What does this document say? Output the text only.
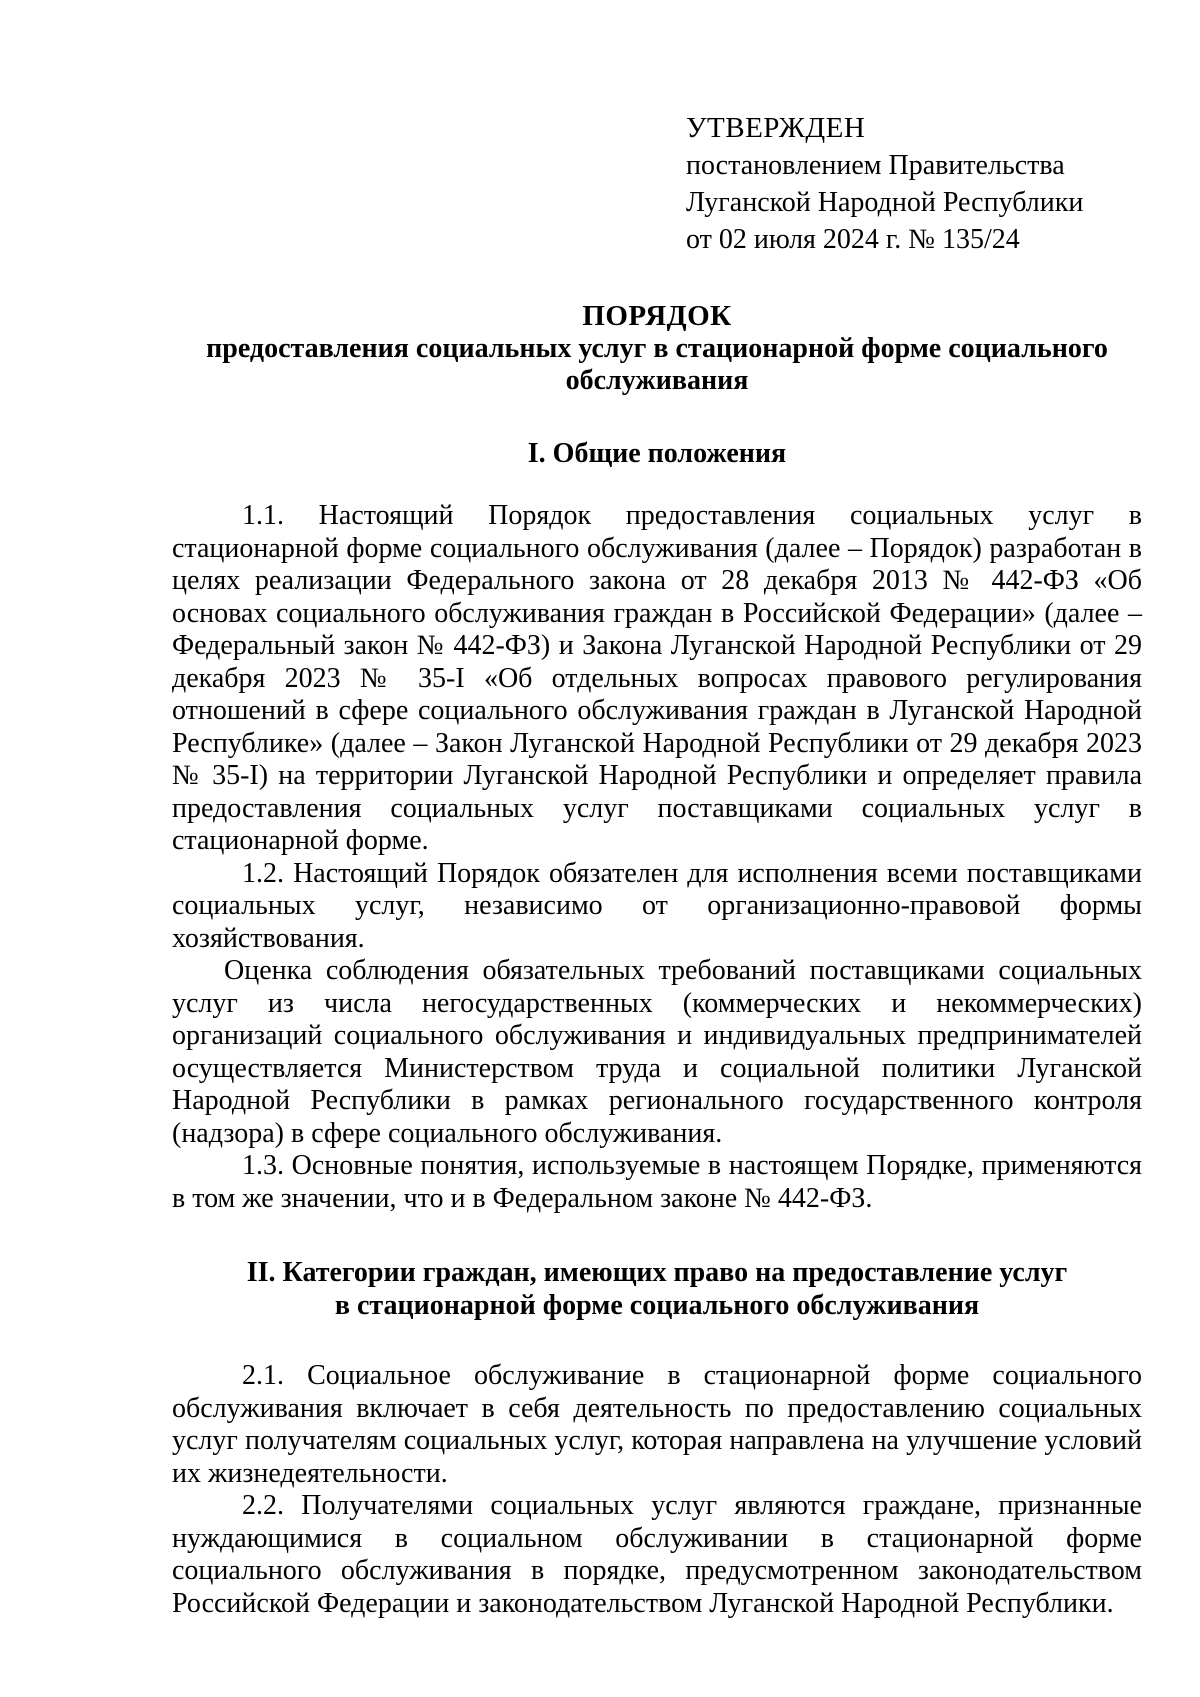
УТВЕРЖДЕН
постановлением Правительства
Луганской Народной Республики
от 02 июля 2024 г. № 135/24
ПОРЯДОК
предоставления социальных услуг в стационарной форме социального обслуживания
I. Общие положения

1.1. Настоящий Порядок предоставления социальных услуг в стационарной форме социального обслуживания (далее – Порядок) разработан в целях реализации Федерального закона от 28 декабря 2013 № 442-ФЗ «Об основах социального обслуживания граждан в Российской Федерации» (далее – Федеральный закон № 442-ФЗ) и Закона Луганской Народной Республики от 29 декабря 2023 № 35-I «Об отдельных вопросах правового регулирования отношений в сфере социального обслуживания граждан в Луганской Народной Республике» (далее – Закон Луганской Народной Республики от 29 декабря 2023 № 35-I) на территории Луганской Народной Республики и определяет правила предоставления социальных услуг поставщиками социальных услуг в стационарной форме.

1.2. Настоящий Порядок обязателен для исполнения всеми поставщиками социальных услуг, независимо от организационно-правовой формы хозяйствования.

Оценка соблюдения обязательных требований поставщиками социальных услуг из числа негосударственных (коммерческих и некоммерческих) организаций социального обслуживания и индивидуальных предпринимателей осуществляется Министерством труда и социальной политики Луганской Народной Республики в рамках регионального государственного контроля (надзора) в сфере социального обслуживания.

1.3. Основные понятия, используемые в настоящем Порядке, применяются в том же значении, что и в Федеральном законе № 442-ФЗ.

II. Категории граждан, имеющих право на предоставление услуг
в стационарной форме социального обслуживания

2.1. Социальное обслуживание в стационарной форме социального обслуживания включает в себя деятельность по предоставлению социальных услуг получателям социальных услуг, которая направлена на улучшение условий их жизнедеятельности.

2.2. Получателями социальных услуг являются граждане, признанные нуждающимися в социальном обслуживании в стационарной форме социального обслуживания в порядке, предусмотренном законодательством Российской Федерации и законодательством Луганской Народной Республики.
